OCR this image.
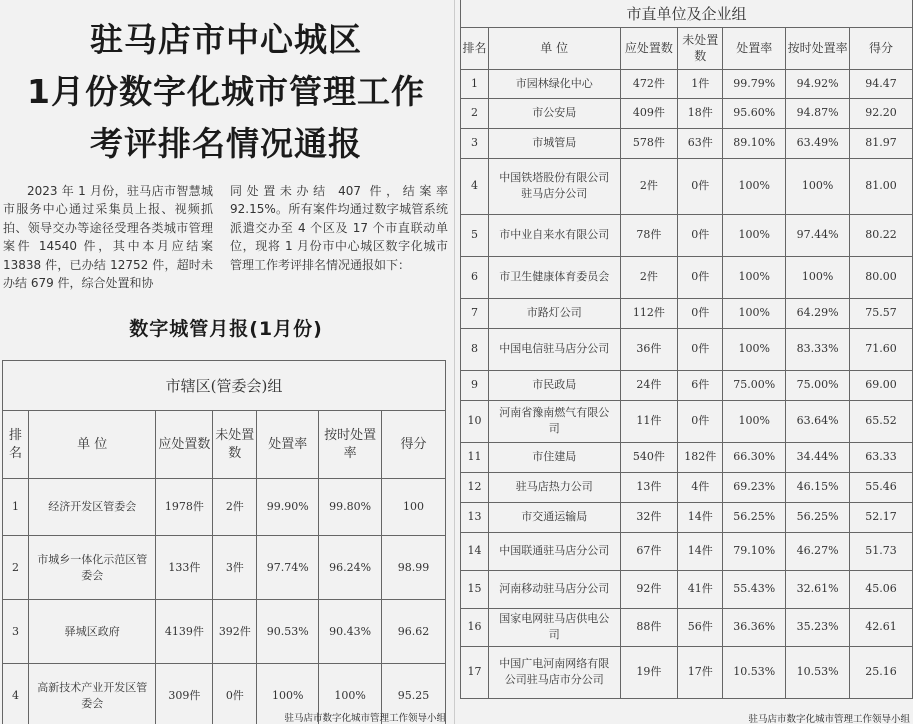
驻马店市中心城区
1月份数字化城市管理工作
考评排名情况通报

2023 年 1 月份，驻马店市智慧城市服务中心通过采集员上报、视频抓拍、领导交办等途径受理各类城市管理案件 14540 件，其中本月应结案 13838 件，已办结 12752 件，超时未办结 679 件，综合处置和协

同处置未办结 407 件，结案率 92.15%。所有案件均通过数字城管系统派遣交办至 4 个区及 17 个市直联动单位，现将 1 月份市中心城区数字化城市管理工作考评排名情况通报如下：

数字城管月报(1月份)
市辖区(管委会)组						
排名	单 位	应处置数	未处置数	处置率	按时处置率	得分
1	经济开发区管委会	1978件	2件	99.90%	99.80%	100
2	市城乡一体化示范区管委会	133件	3件	97.74%	96.24%	98.99
3	驿城区政府	4139件	392件	90.53%	90.43%	96.62
4	高新技术产业开发区管委会	309件	0件	100%	100%	95.25
市直单位及企业组						
排名	单 位	应处置数	未处置数	处置率	按时处置率	得分
1	市园林绿化中心	472件	1件	99.79%	94.92%	94.47
2	市公安局	409件	18件	95.60%	94.87%	92.20
3	市城管局	578件	63件	89.10%	63.49%	81.97
4	中国铁塔股份有限公司驻马店分公司	2件	0件	100%	100%	81.00
5	市中业自来水有限公司	78件	0件	100%	97.44%	80.22
6	市卫生健康体育委员会	2件	0件	100%	100%	80.00
7	市路灯公司	112件	0件	100%	64.29%	75.57
8	中国电信驻马店分公司	36件	0件	100%	83.33%	71.60
9	市民政局	24件	6件	75.00%	75.00%	69.00
10	河南省豫南燃气有限公司	11件	0件	100%	63.64%	65.52
11	市住建局	540件	182件	66.30%	34.44%	63.33
12	驻马店热力公司	13件	4件	69.23%	46.15%	55.46
13	市交通运输局	32件	14件	56.25%	56.25%	52.17
14	中国联通驻马店分公司	67件	14件	79.10%	46.27%	51.73
15	河南移动驻马店分公司	92件	41件	55.43%	32.61%	45.06
16	国家电网驻马店供电公司	88件	56件	36.36%	35.23%	42.61
17	中国广电河南网络有限公司驻马店市分公司	19件	17件	10.53%	10.53%	25.16
驻马店市数字化城市管理工作领导小组	驻马店市数字化城市管理工作领导小组
